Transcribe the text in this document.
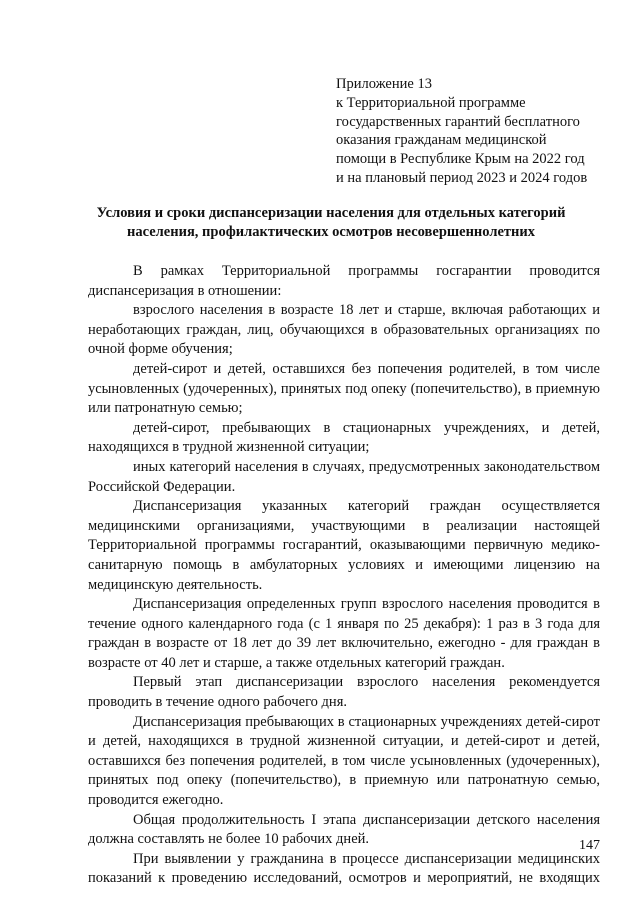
Приложение 13
к Территориальной программе
государственных гарантий бесплатного
оказания гражданам медицинской
помощи в Республике Крым на 2022 год
и на плановый период 2023 и 2024 годов
Условия и сроки диспансеризации населения для отдельных категорий
населения, профилактических осмотров несовершеннолетних

В рамках Территориальной программы госгарантии проводится диспансеризация в отношении:

взрослого населения в возрасте 18 лет и старше, включая работающих и неработающих граждан, лиц, обучающихся в образовательных организациях по очной форме обучения;

детей-сирот и детей, оставшихся без попечения родителей, в том числе усыновленных (удочеренных), принятых под опеку (попечительство), в приемную или патронатную семью;

детей-сирот, пребывающих в стационарных учреждениях, и детей, находящихся в трудной жизненной ситуации;

иных категорий населения в случаях, предусмотренных законодательством Российской Федерации.

Диспансеризация указанных категорий граждан осуществляется медицинскими организациями, участвующими в реализации настоящей Территориальной программы госгарантий, оказывающими первичную медико-санитарную помощь в амбулаторных условиях и имеющими лицензию на медицинскую деятельность.

Диспансеризация определенных групп взрослого населения проводится в течение одного календарного года (с 1 января по 25 декабря): 1 раз в 3 года для граждан в возрасте от 18 лет до 39 лет включительно, ежегодно - для граждан в возрасте от 40 лет и старше, а также отдельных категорий граждан.

Первый этап диспансеризации взрослого населения рекомендуется проводить в течение одного рабочего дня.

Диспансеризация пребывающих в стационарных учреждениях детей-сирот и детей, находящихся в трудной жизненной ситуации, и детей-сирот и детей, оставшихся без попечения родителей, в том числе усыновленных (удочеренных), принятых под опеку (попечительство), в приемную или патронатную семью, проводится ежегодно.

Общая продолжительность I этапа диспансеризации детского населения должна составлять не более 10 рабочих дней.

При выявлении у гражданина в процессе диспансеризации медицинских показаний к проведению исследований, осмотров и мероприятий, не входящих

147
